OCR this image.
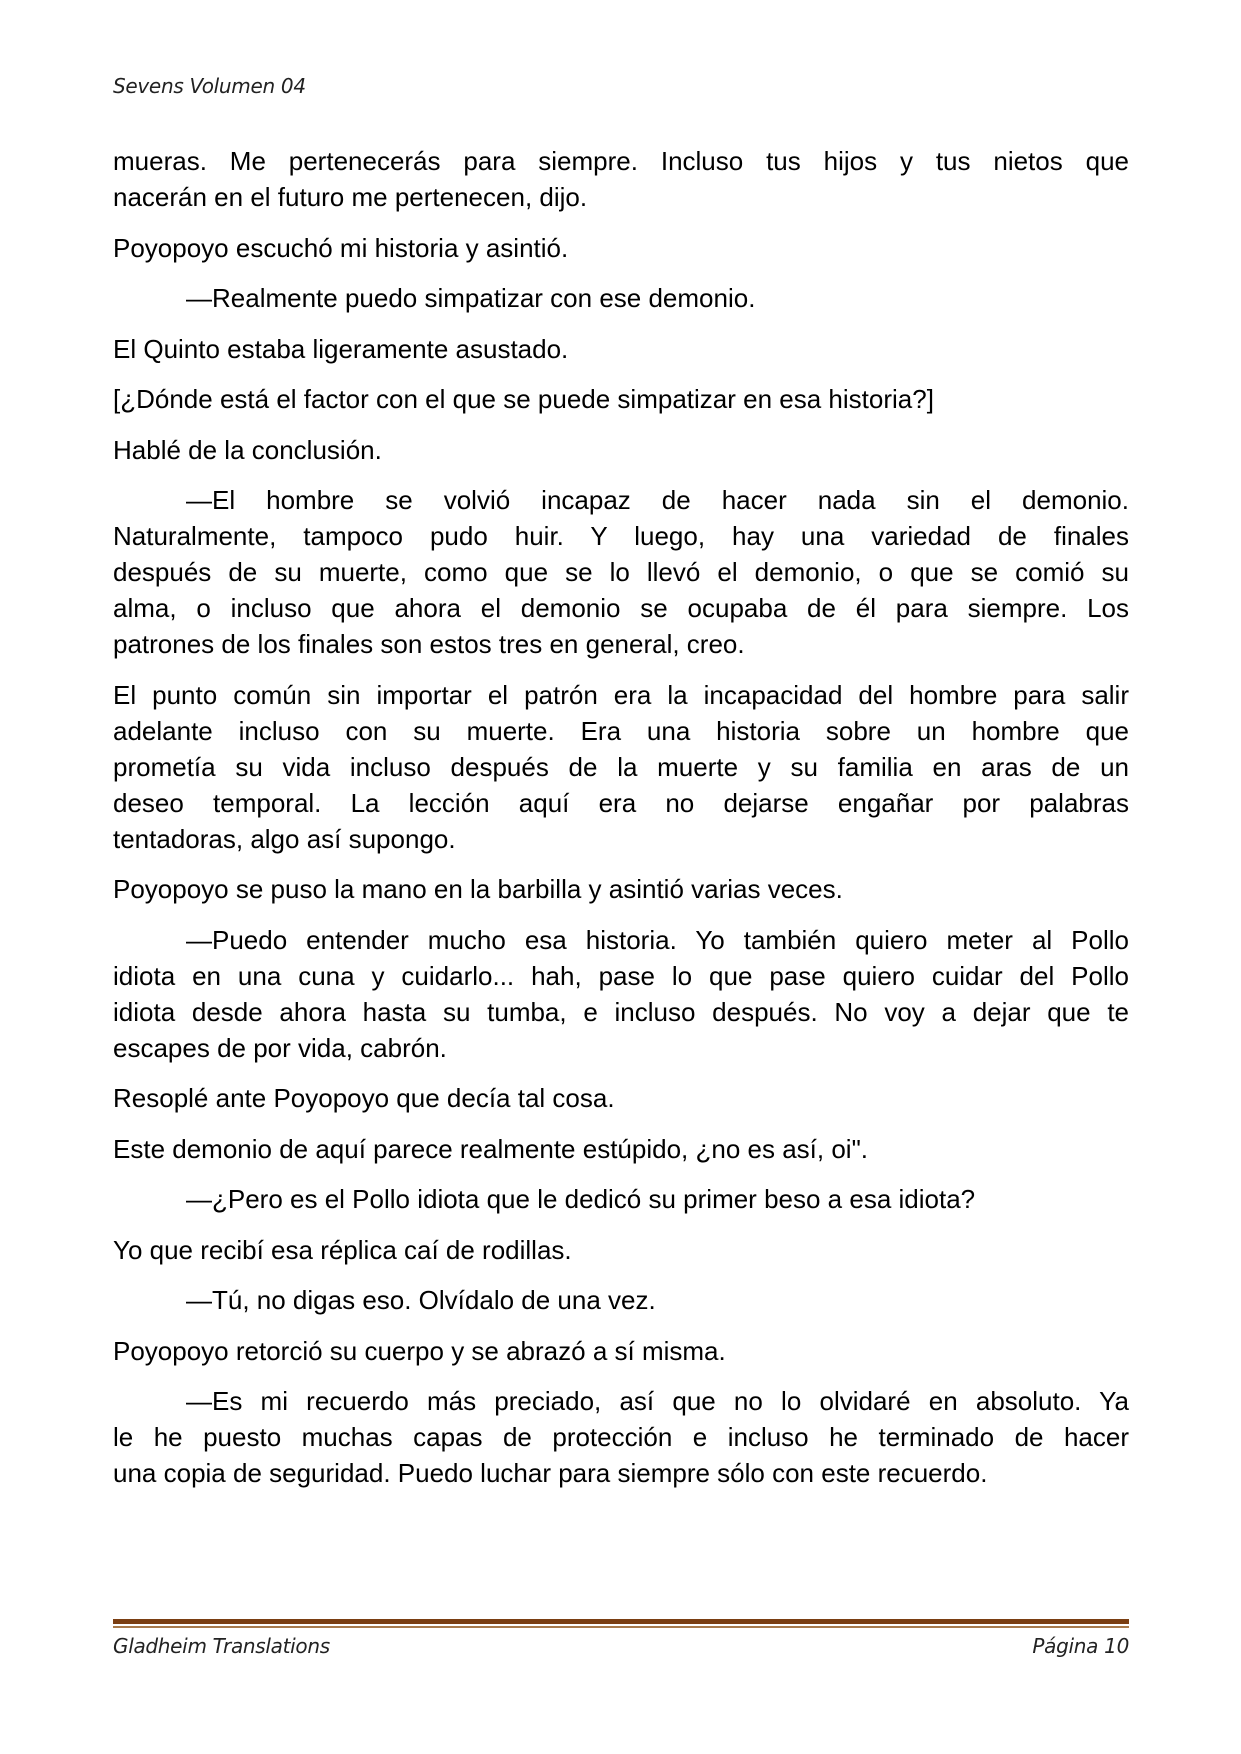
Sevens Volumen 04
mueras. Me pertenecerás para siempre. Incluso tus hijos y tus nietos que
nacerán en el futuro me pertenecen, dijo.
Poyopoyo escuchó mi historia y asintió.
—Realmente puedo simpatizar con ese demonio.
El Quinto estaba ligeramente asustado.
[¿Dónde está el factor con el que se puede simpatizar en esa historia?]
Hablé de la conclusión.
—El hombre se volvió incapaz de hacer nada sin el demonio.
Naturalmente, tampoco pudo huir. Y luego, hay una variedad de finales
después de su muerte, como que se lo llevó el demonio, o que se comió su
alma, o incluso que ahora el demonio se ocupaba de él para siempre. Los
patrones de los finales son estos tres en general, creo.
El punto común sin importar el patrón era la incapacidad del hombre para salir
adelante incluso con su muerte. Era una historia sobre un hombre que
prometía su vida incluso después de la muerte y su familia en aras de un
deseo temporal. La lección aquí era no dejarse engañar por palabras
tentadoras, algo así supongo.
Poyopoyo se puso la mano en la barbilla y asintió varias veces.
—Puedo entender mucho esa historia. Yo también quiero meter al Pollo
idiota en una cuna y cuidarlo... hah, pase lo que pase quiero cuidar del Pollo
idiota desde ahora hasta su tumba, e incluso después. No voy a dejar que te
escapes de por vida, cabrón.
Resoplé ante Poyopoyo que decía tal cosa.
Este demonio de aquí parece realmente estúpido, ¿no es así, oi".
—¿Pero es el Pollo idiota que le dedicó su primer beso a esa idiota?
Yo que recibí esa réplica caí de rodillas.
—Tú, no digas eso. Olvídalo de una vez.
Poyopoyo retorció su cuerpo y se abrazó a sí misma.
—Es mi recuerdo más preciado, así que no lo olvidaré en absoluto. Ya
le he puesto muchas capas de protección e incluso he terminado de hacer
una copia de seguridad. Puedo luchar para siempre sólo con este recuerdo.
Gladheim Translations	Página 10
